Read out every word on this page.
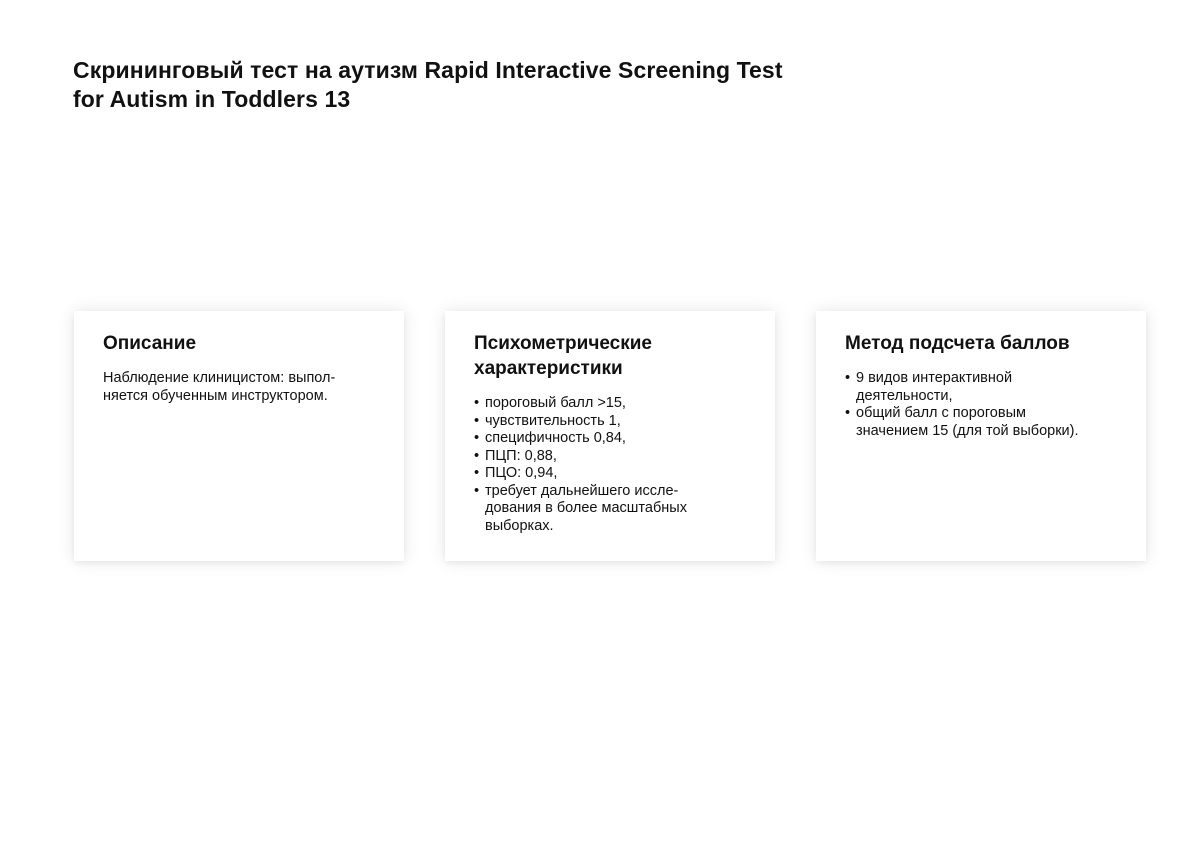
Скрининговый тест на аутизм Rapid Interactive Screening Test
for Autism in Toddlers 13
Описание

Наблюдение клиницистом: выпол-
няется обученным инструктором.

Психометрические
характеристики
• пороговый балл >15,
• чувствительность 1,
• специфичность 0,84,
• ПЦП: 0,88,
• ПЦО: 0,94,
• требует дальнейшего иссле-
дования в более масштабных
выборках.
Метод подсчета баллов
• 9 видов интерактивной
деятельности,
• общий балл с пороговым
значением 15 (для той выборки).
